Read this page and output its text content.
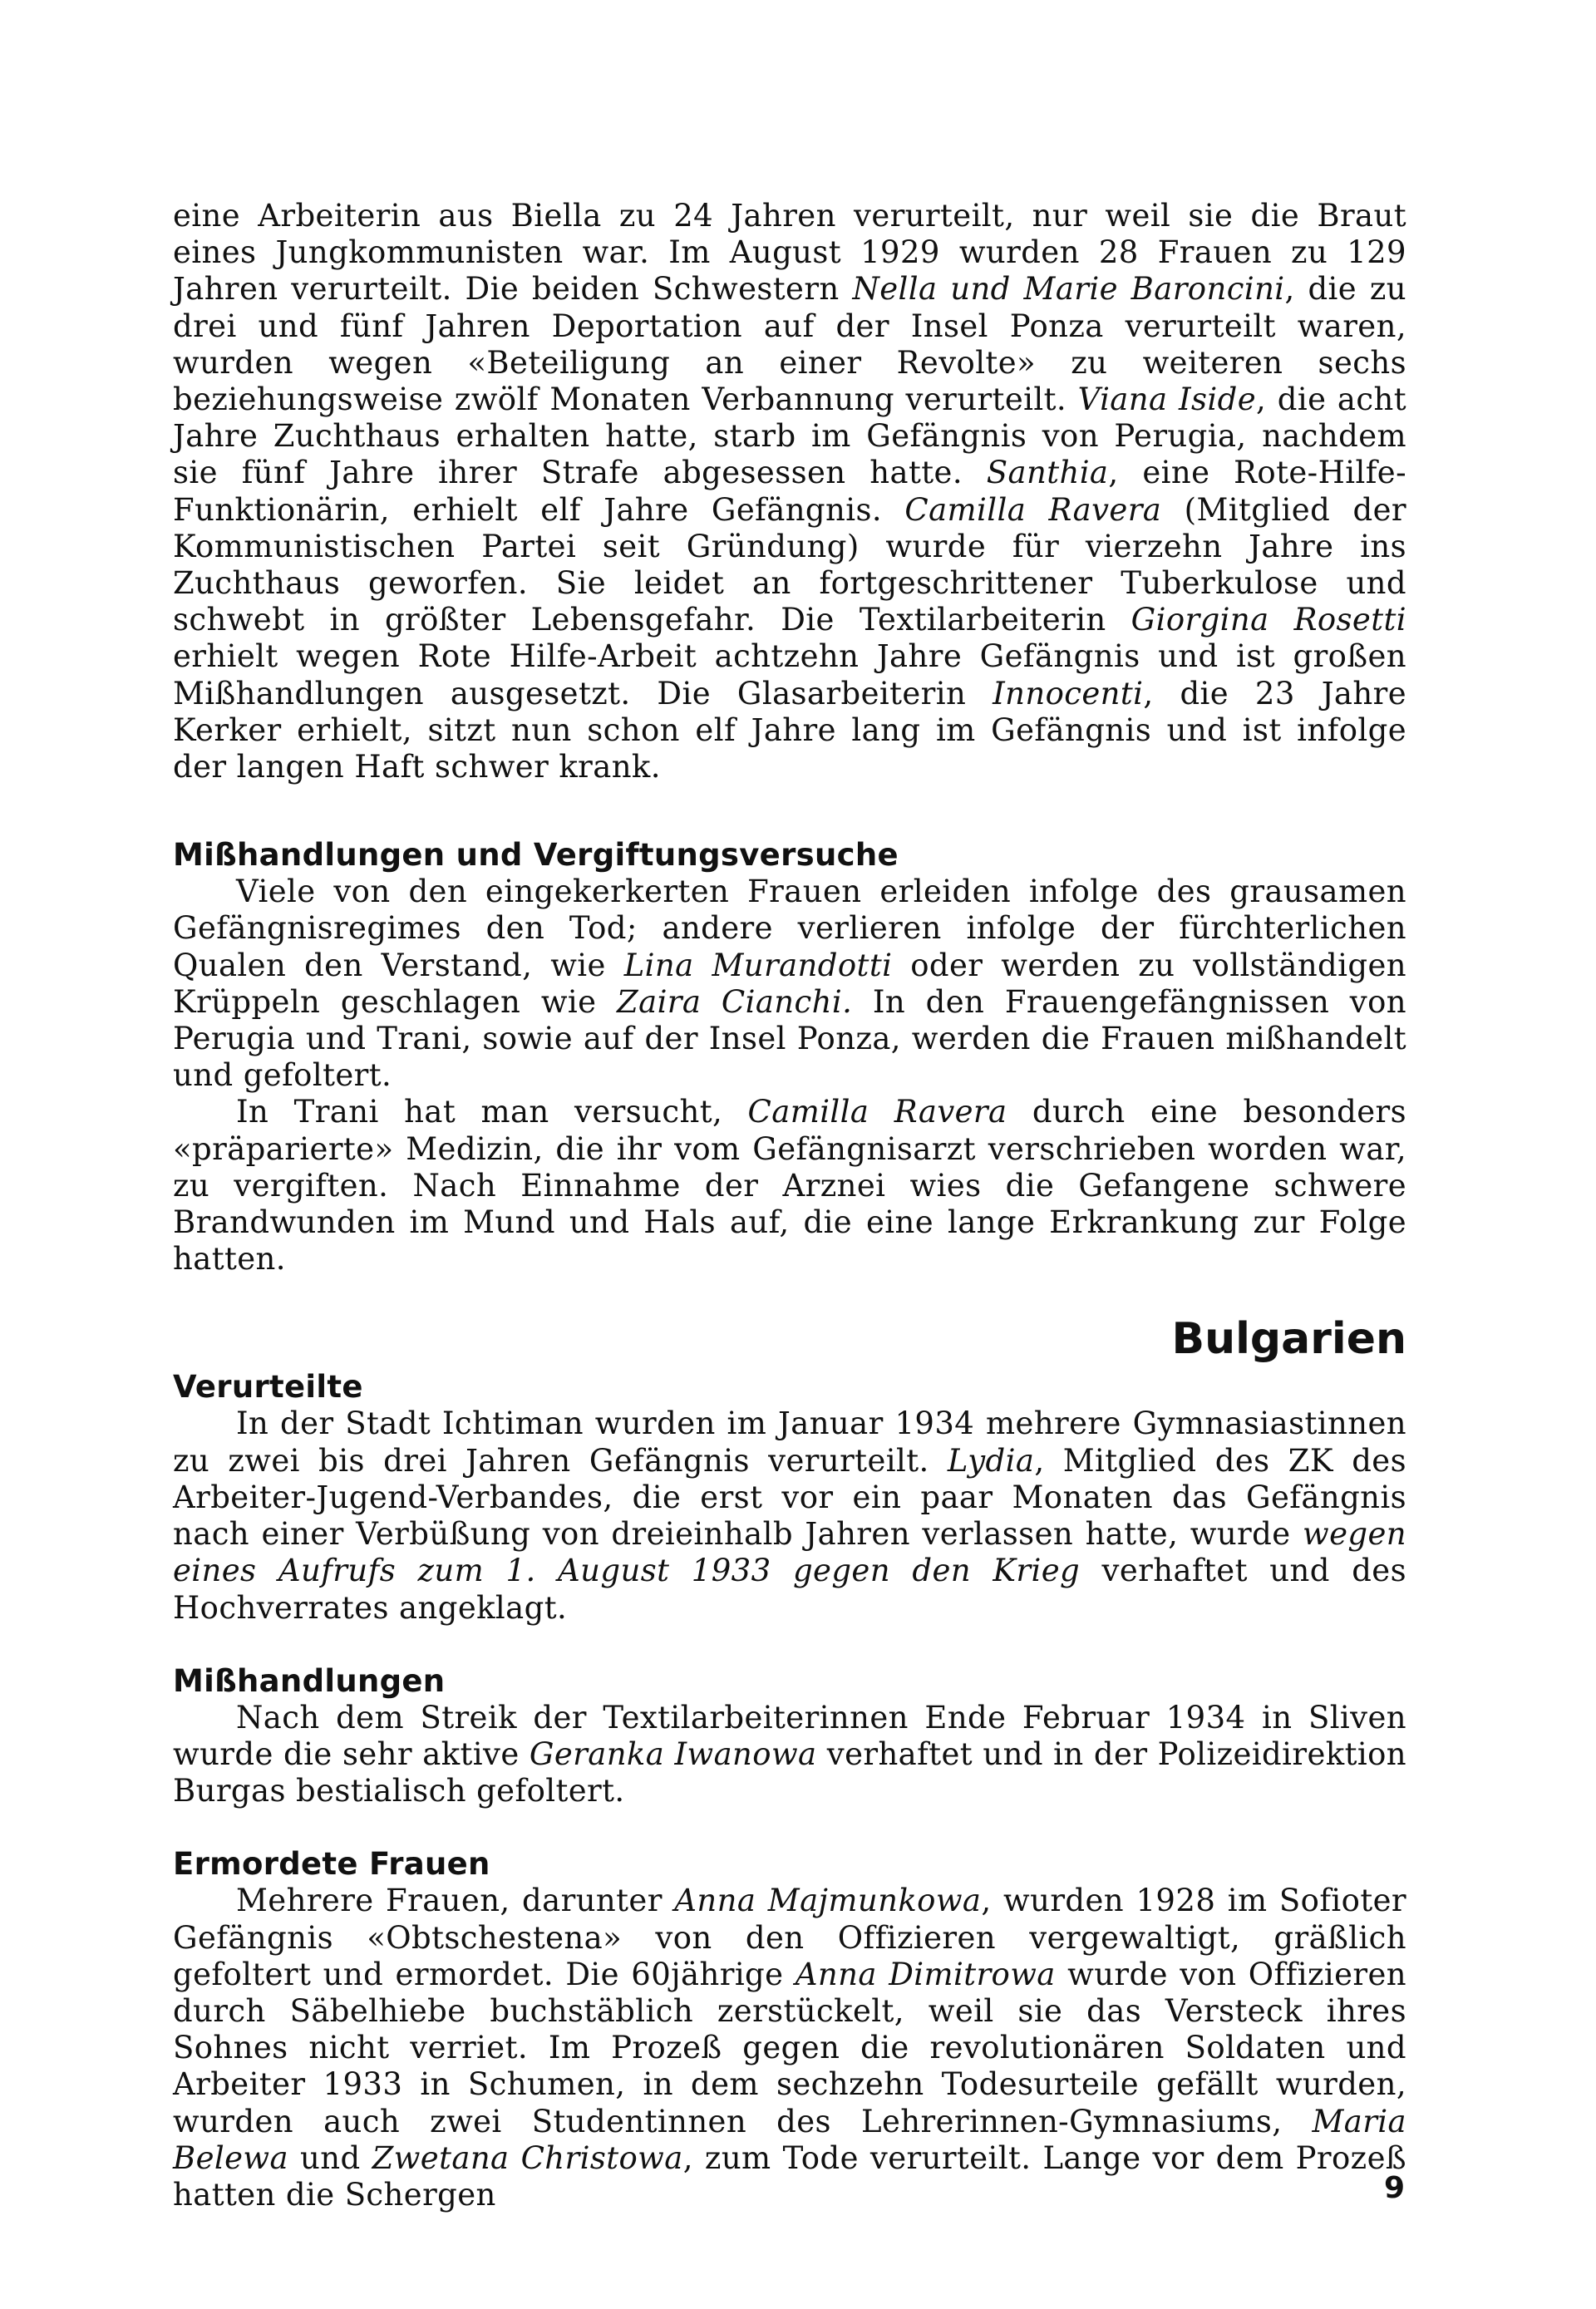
eine Arbeiterin aus Biella zu 24 Jahren verurteilt, nur weil sie die Braut eines Jungkommunisten war. Im August 1929 wurden 28 Frauen zu 129 Jahren verurteilt. Die beiden Schwestern Nella und Marie Baroncini, die zu drei und fünf Jahren Deportation auf der Insel Ponza verurteilt waren, wurden wegen «Beteiligung an einer Revolte» zu weiteren sechs beziehungsweise zwölf Monaten Verbannung verurteilt. Viana Iside, die acht Jahre Zuchthaus erhalten hatte, starb im Gefängnis von Perugia, nachdem sie fünf Jahre ihrer Strafe abgesessen hatte. Santhia, eine Rote-Hilfe-Funktionärin, erhielt elf Jahre Gefängnis. Camilla Ravera (Mitglied der Kommunistischen Partei seit Gründung) wurde für vierzehn Jahre ins Zuchthaus geworfen. Sie leidet an fortgeschrittener Tuberkulose und schwebt in größter Lebensgefahr. Die Textilarbeiterin Giorgina Rosetti erhielt wegen Rote Hilfe-Arbeit achtzehn Jahre Gefängnis und ist großen Mißhandlungen ausgesetzt. Die Glasarbeiterin Innocenti, die 23 Jahre Kerker erhielt, sitzt nun schon elf Jahre lang im Gefängnis und ist infolge der langen Haft schwer krank.

Mißhandlungen und Vergiftungsversuche

Viele von den eingekerkerten Frauen erleiden infolge des grausamen Gefängnisregimes den Tod; andere verlieren infolge der fürchterlichen Qualen den Verstand, wie Lina Murandotti oder werden zu vollständigen Krüppeln geschlagen wie Zaira Cianchi. In den Frauengefängnissen von Perugia und Trani, sowie auf der Insel Ponza, werden die Frauen mißhandelt und gefoltert.

In Trani hat man versucht, Camilla Ravera durch eine besonders «präparierte» Medizin, die ihr vom Gefängnisarzt verschrieben worden war, zu vergiften. Nach Einnahme der Arznei wies die Gefangene schwere Brandwunden im Mund und Hals auf, die eine lange Erkrankung zur Folge hatten.

Bulgarien
Verurteilte

In der Stadt Ichtiman wurden im Januar 1934 mehrere Gymnasiastinnen zu zwei bis drei Jahren Gefängnis verurteilt. Lydia, Mitglied des ZK des Arbeiter-Jugend-Verbandes, die erst vor ein paar Monaten das Gefängnis nach einer Verbüßung von dreieinhalb Jahren verlassen hatte, wurde wegen eines Aufrufs zum 1. August 1933 gegen den Krieg verhaftet und des Hochverrates angeklagt.

Mißhandlungen

Nach dem Streik der Textilarbeiterinnen Ende Februar 1934 in Sliven wurde die sehr aktive Geranka Iwanowa verhaftet und in der Polizeidirektion Burgas bestialisch gefoltert.

Ermordete Frauen

Mehrere Frauen, darunter Anna Majmunkowa, wurden 1928 im Sofioter Gefängnis «Obtschestena» von den Offizieren vergewaltigt, gräßlich gefoltert und ermordet. Die 60jährige Anna Dimitrowa wurde von Offizieren durch Säbelhiebe buchstäblich zerstückelt, weil sie das Versteck ihres Sohnes nicht verriet. Im Prozeß gegen die revolutionären Soldaten und Arbeiter 1933 in Schumen, in dem sechzehn Todesurteile gefällt wurden, wurden auch zwei Studentinnen des Lehrerinnen-Gymnasiums, Maria Belewa und Zwetana Christowa, zum Tode verurteilt. Lange vor dem Prozeß hatten die Schergen	9
